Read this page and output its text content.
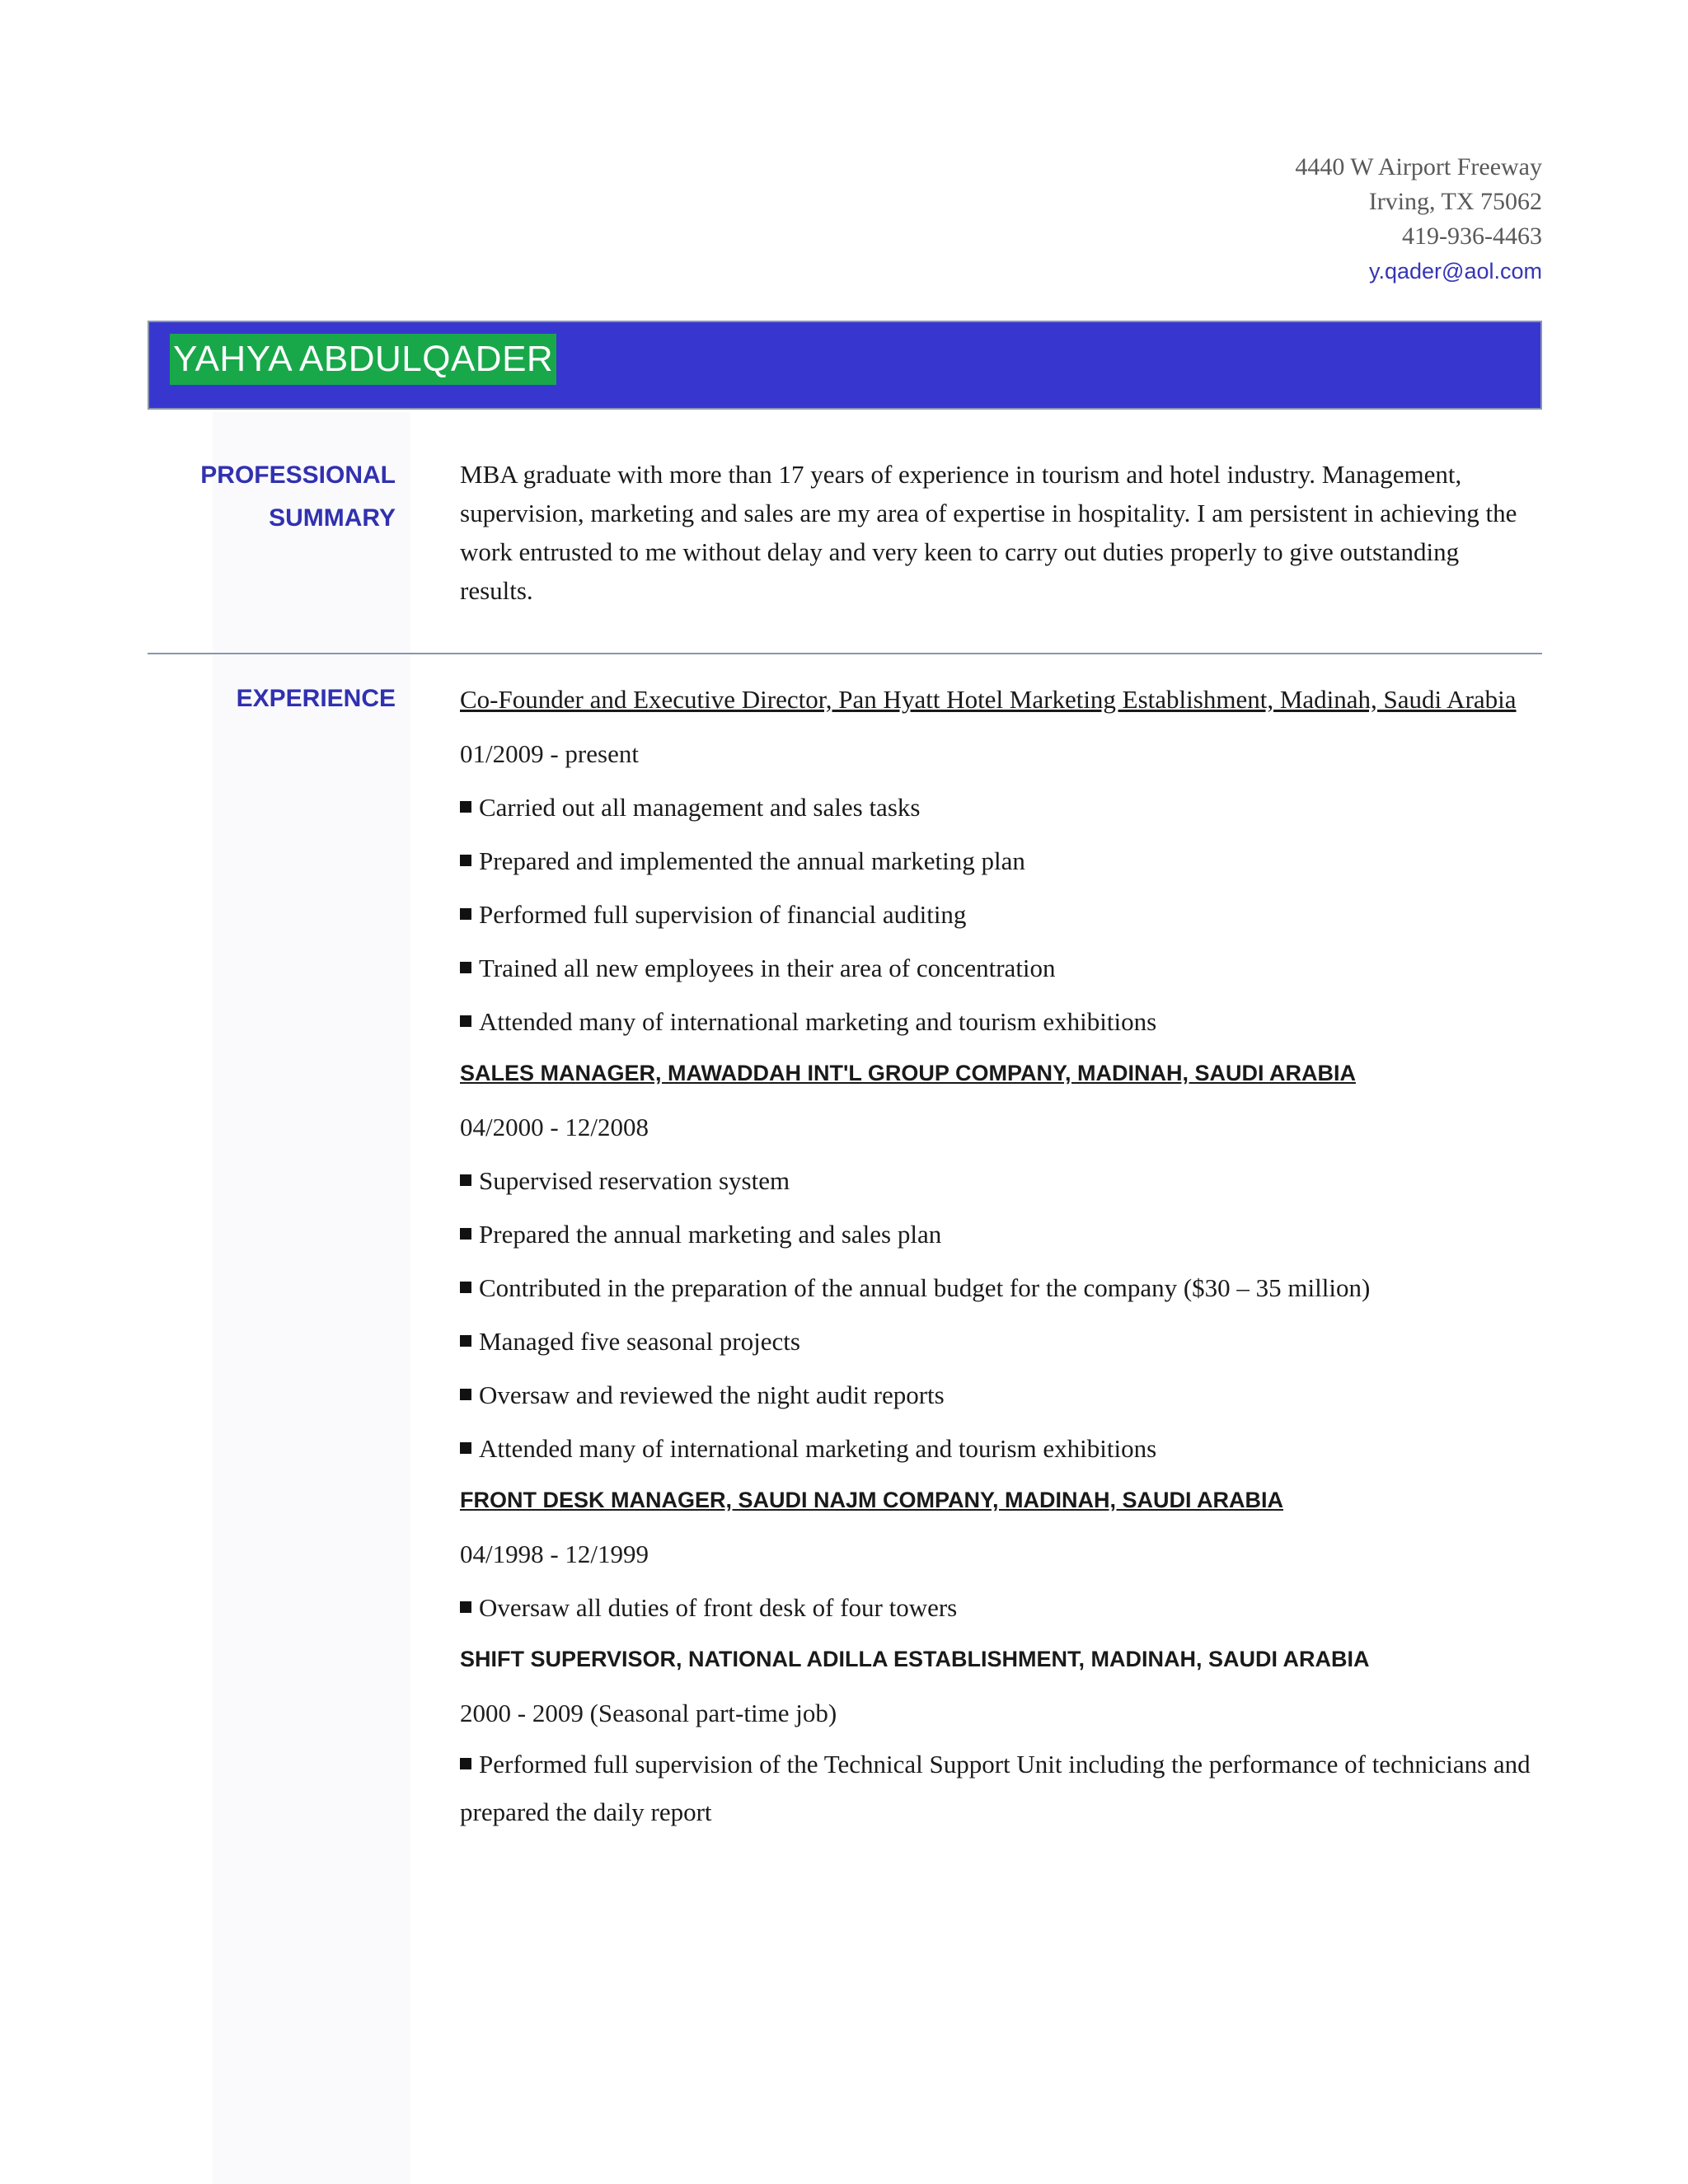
4440 W Airport Freeway
Irving, TX 75062
419-936-4463
y.qader@aol.com
YAHYA ABDULQADER
PROFESSIONAL
SUMMARY
MBA graduate with more than 17 years of experience in tourism and hotel industry. Management, supervision, marketing and sales are my area of expertise in hospitality. I am persistent in achieving the work entrusted to me without delay and very keen to carry out duties properly to give outstanding results.
EXPERIENCE	Co-Founder and Executive Director, Pan Hyatt Hotel Marketing Establishment, Madinah, Saudi Arabia
01/2009 - present
Carried out all management and sales tasks
Prepared and implemented the annual marketing plan
Performed full supervision of financial auditing
Trained all new employees in their area of concentration
Attended many of international marketing and tourism exhibitions
SALES MANAGER, MAWADDAH INT'L GROUP COMPANY, MADINAH, SAUDI ARABIA
04/2000 - 12/2008
Supervised reservation system
Prepared the annual marketing and sales plan
Contributed in the preparation of the annual budget for the company ($30 – 35 million)
Managed five seasonal projects
Oversaw and reviewed the night audit reports
Attended many of international marketing and tourism exhibitions
FRONT DESK MANAGER, SAUDI NAJM COMPANY, MADINAH, SAUDI ARABIA
04/1998 - 12/1999
Oversaw all duties of front desk of four towers
SHIFT SUPERVISOR, NATIONAL ADILLA ESTABLISHMENT, MADINAH, SAUDI ARABIA
2000 - 2009 (Seasonal part-time job)
Performed full supervision of the Technical Support Unit including the performance of technicians and prepared the daily report
